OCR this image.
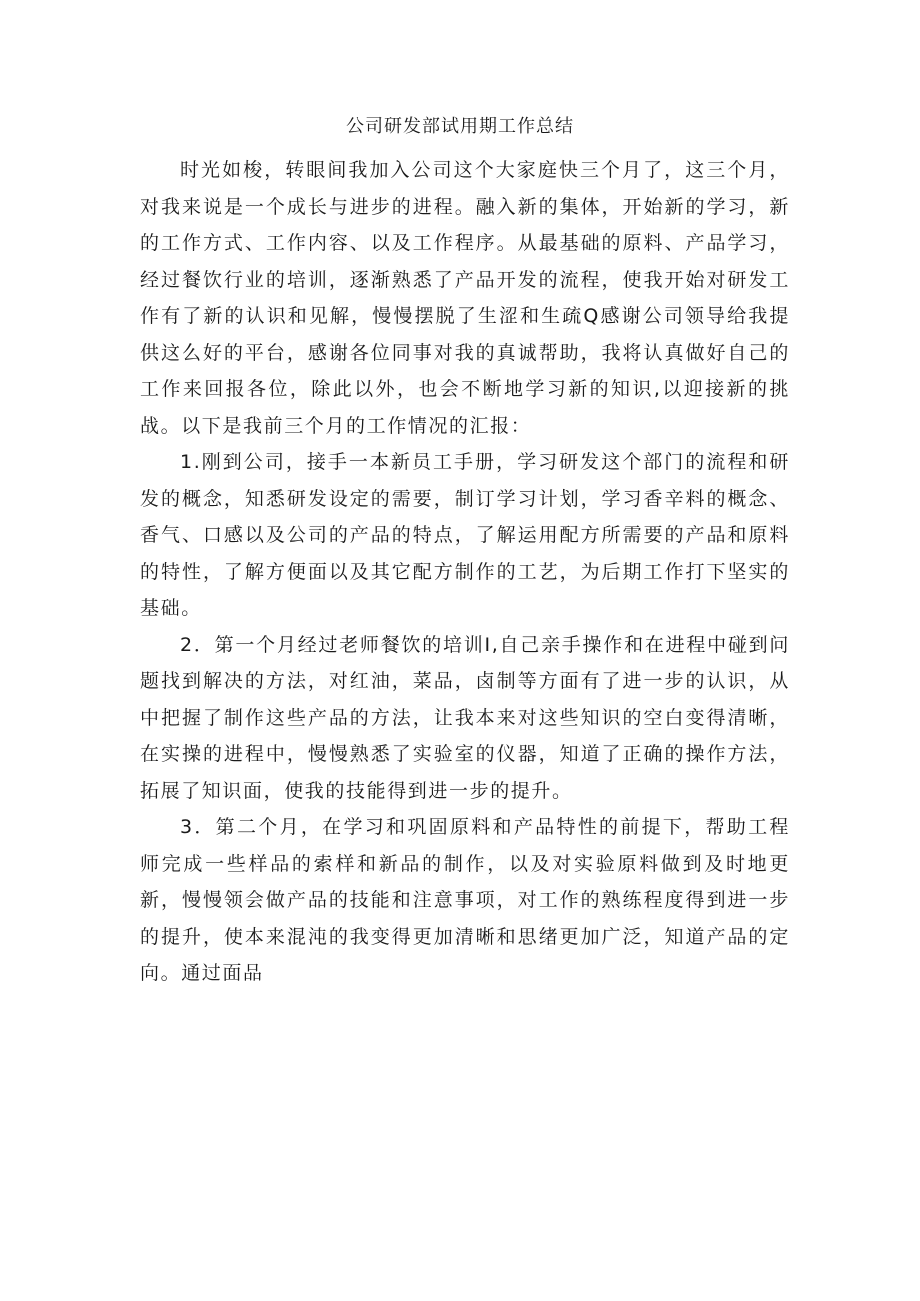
公司研发部试用期工作总结

时光如梭，转眼间我加入公司这个大家庭快三个月了，这三个月，对我来说是一个成长与进步的进程。融入新的集体，开始新的学习，新的工作方式、工作内容、以及工作程序。从最基础的原料、产品学习，经过餐饮行业的培训，逐渐熟悉了产品开发的流程，使我开始对研发工作有了新的认识和见解，慢慢摆脱了生涩和生疏Q感谢公司领导给我提供这么好的平台，感谢各位同事对我的真诚帮助，我将认真做好自己的工作来回报各位，除此以外，也会不断地学习新的知识,以迎接新的挑战。以下是我前三个月的工作情况的汇报：

1.刚到公司，接手一本新员工手册，学习研发这个部门的流程和研发的概念，知悉研发设定的需要，制订学习计划，学习香辛料的概念、香气、口感以及公司的产品的特点，了解运用配方所需要的产品和原料的特性，了解方便面以及其它配方制作的工艺，为后期工作打下坚实的基础。

2．第一个月经过老师餐饮的培训I,自己亲手操作和在进程中碰到问题找到解决的方法，对红油，菜品，卤制等方面有了进一步的认识，从中把握了制作这些产品的方法，让我本来对这些知识的空白变得清晰，在实操的进程中，慢慢熟悉了实验室的仪器，知道了正确的操作方法，拓展了知识面，使我的技能得到进一步的提升。

3．第二个月，在学习和巩固原料和产品特性的前提下，帮助工程师完成一些样品的索样和新品的制作，以及对实验原料做到及时地更新，慢慢领会做产品的技能和注意事项，对工作的熟练程度得到进一步的提升，使本来混沌的我变得更加清晰和思绪更加广泛，知道产品的定向。通过面品
